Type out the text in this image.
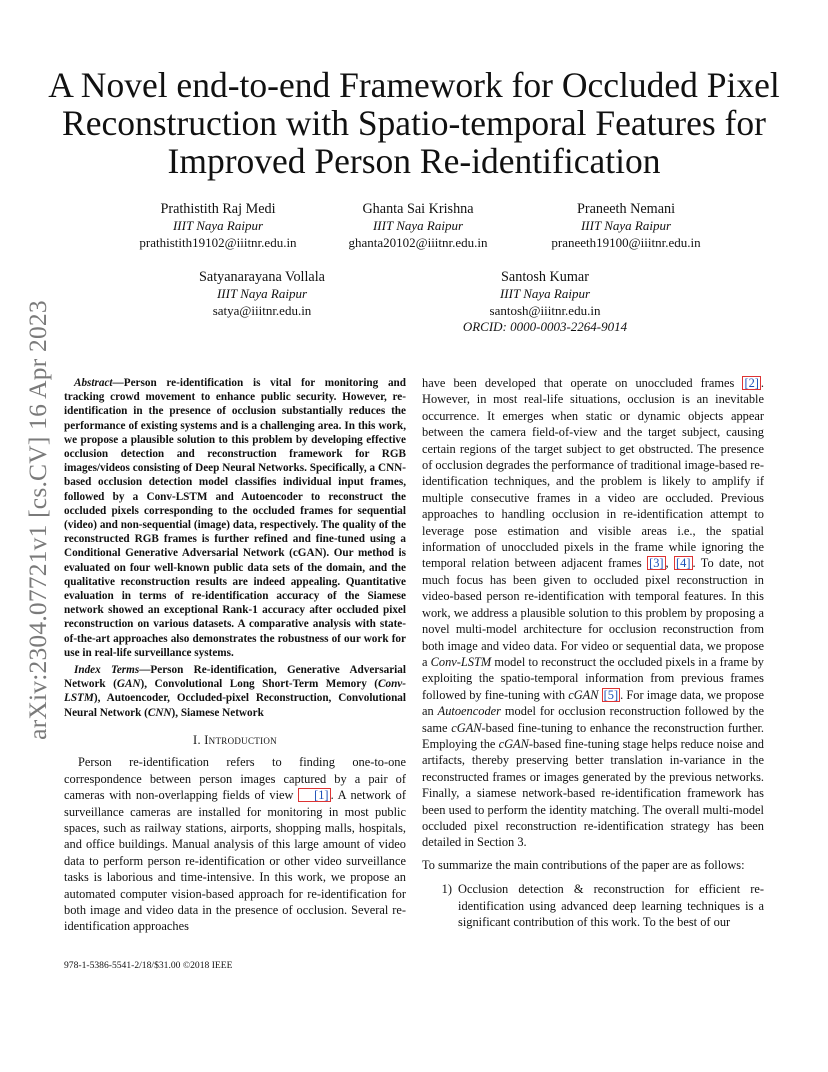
arXiv:2304.07721v1 [cs.CV] 16 Apr 2023
A Novel end-to-end Framework for Occluded Pixel
Reconstruction with Spatio-temporal Features for
Improved Person Re-identification
Prathistith Raj Medi
IIIT Naya Raipur
prathistith19102@iiitnr.edu.in
Ghanta Sai Krishna
IIIT Naya Raipur
ghanta20102@iiitnr.edu.in
Praneeth Nemani
IIIT Naya Raipur
praneeth19100@iiitnr.edu.in
Satyanarayana Vollala
IIIT Naya Raipur
satya@iiitnr.edu.in
Santosh Kumar
IIIT Naya Raipur
santosh@iiitnr.edu.in
ORCID: 0000-0003-2264-9014

Abstract—Person re-identification is vital for monitoring and tracking crowd movement to enhance public security. However, re-identification in the presence of occlusion substantially reduces the performance of existing systems and is a challenging area. In this work, we propose a plausible solution to this problem by developing effective occlusion detection and reconstruction framework for RGB images/videos consisting of Deep Neural Networks. Specifically, a CNN-based occlusion detection model classifies individual input frames, followed by a Conv-LSTM and Autoencoder to reconstruct the occluded pixels corresponding to the occluded frames for sequential (video) and non-sequential (image) data, respectively. The quality of the reconstructed RGB frames is further refined and fine-tuned using a Conditional Generative Adversarial Network (cGAN). Our method is evaluated on four well-known public data sets of the domain, and the qualitative reconstruction results are indeed appealing. Quantitative evaluation in terms of re-identification accuracy of the Siamese network showed an exceptional Rank-1 accuracy after occluded pixel reconstruction on various datasets. A comparative analysis with state-of-the-art approaches also demonstrates the robustness of our work for use in real-life surveillance systems.

Index Terms—Person Re-identification, Generative Adversarial Network (GAN), Convolutional Long Short-Term Memory (Conv-LSTM), Autoencoder, Occluded-pixel Reconstruction, Convolutional Neural Network (CNN), Siamese Network

I. Introduction

Person re-identification refers to finding one-to-one correspondence between person images captured by a pair of cameras with non-overlapping fields of view [1] . A network of surveillance cameras are installed for monitoring in most public spaces, such as railway stations, airports, shopping malls, hospitals, and office buildings. Manual analysis of this large amount of video data to perform person re-identification or other video surveillance tasks is laborious and time-intensive. In this work, we propose an automated computer vision-based approach for re-identification for both image and video data in the presence of occlusion. Several re-identification approaches

have been developed that operate on unoccluded frames [2] . However, in most real-life situations, occlusion is an inevitable occurrence. It emerges when static or dynamic objects appear between the camera field-of-view and the target subject, causing certain regions of the target subject to get obstructed. The presence of occlusion degrades the performance of traditional image-based re-identification techniques, and the problem is likely to amplify if multiple consecutive frames in a video are occluded. Previous approaches to handling occlusion in re-identification attempt to leverage pose estimation and visible areas i.e., the spatial information of unoccluded pixels in the frame while ignoring the temporal relation between adjacent frames [3] , [4] . To date, not much focus has been given to occluded pixel reconstruction in video-based person re-identification with temporal features. In this work, we address a plausible solution to this problem by proposing a novel multi-model architecture for occlusion reconstruction from both image and video data. For video or sequential data, we propose a Conv-LSTM model to reconstruct the occluded pixels in a frame by exploiting the spatio-temporal information from previous frames followed by fine-tuning with cGAN [5] . For image data, we propose an Autoencoder model for occlusion reconstruction followed by the same cGAN-based fine-tuning to enhance the reconstruction further. Employing the cGAN-based fine-tuning stage helps reduce noise and artifacts, thereby preserving better translation in-variance in the reconstructed frames or images generated by the previous networks. Finally, a siamese network-based re-identification framework has been used to perform the identity matching. The overall multi-model occluded pixel reconstruction re-identification strategy has been detailed in Section 3.

To summarize the main contributions of the paper are as follows:

1) Occlusion detection & reconstruction for efficient re-identification using advanced deep learning techniques is a significant contribution of this work. To the best of our
978-1-5386-5541-2/18/$31.00 ©2018 IEEE
